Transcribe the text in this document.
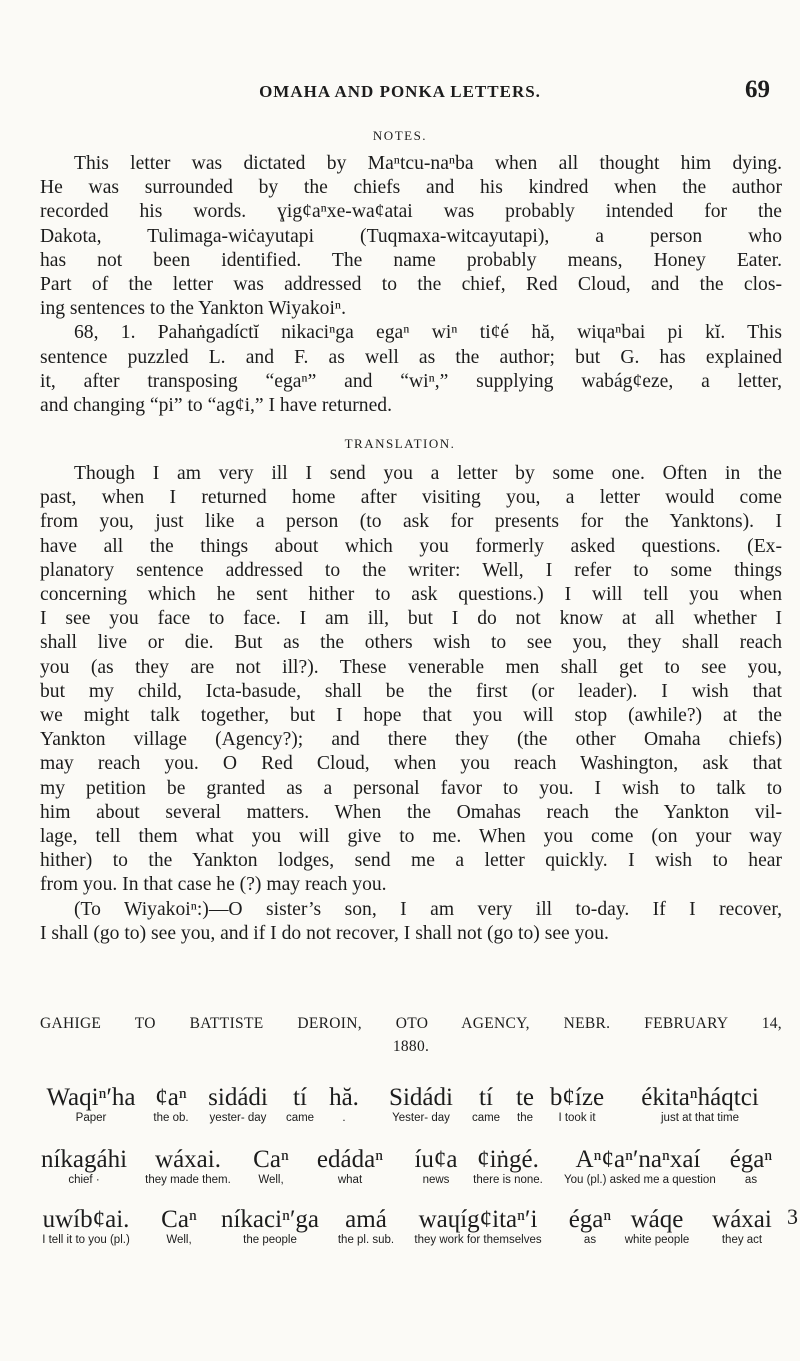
OMAHA AND PONKA LETTERS.	69
NOTES.
This letter was dictated by Maⁿtcu-naⁿba when all thought him dying.
He was surrounded by the chiefs and his kindred when the author
recorded his words. ɣig¢aⁿxe-wa¢atai was probably intended for the
Dakota, Tulimaga-wiċayutapi (Tuqmaxa-witcayutapi), a person who
has not been identified. The name probably means, Honey Eater.
Part of the letter was addressed to the chief, Red Cloud, and the clos-
ing sentences to the Yankton Wiyakoiⁿ.
68, 1. Pahaṅgadíctĭ nikaciⁿga egaⁿ wiⁿ ti¢é hă, wiɥaⁿbai pi kĭ. This
sentence puzzled L. and F. as well as the author; but G. has explained
it, after transposing “egaⁿ” and “wiⁿ,” supplying wabág¢eze, a letter,
and changing “pi” to “ag¢i,” I have returned.
TRANSLATION.
Though I am very ill I send you a letter by some one. Often in the
past, when I returned home after visiting you, a letter would come
from you, just like a person (to ask for presents for the Yanktons). I
have all the things about which you formerly asked questions. (Ex-
planatory sentence addressed to the writer: Well, I refer to some things
concerning which he sent hither to ask questions.) I will tell you when
I see you face to face. I am ill, but I do not know at all whether I
shall live or die. But as the others wish to see you, they shall reach
you (as they are not ill?). These venerable men shall get to see you,
but my child, Icta-basude, shall be the first (or leader). I wish that
we might talk together, but I hope that you will stop (awhile?) at the
Yankton village (Agency?); and there they (the other Omaha chiefs)
may reach you. O Red Cloud, when you reach Washington, ask that
my petition be granted as a personal favor to you. I wish to talk to
him about several matters. When the Omahas reach the Yankton vil-
lage, tell them what you will give to me. When you come (on your way
hither) to the Yankton lodges, send me a letter quickly. I wish to hear
from you. In that case he (?) may reach you.
(To Wiyakoiⁿ:)—O sister’s son, I am very ill to-day. If I recover,
I shall (go to) see you, and if I do not recover, I shall not (go to) see you.
GAHIGE TO BATTISTE DEROIN, OTO AGENCY, NEBR. FEBRUARY 14,
1880.
Waqiⁿ′ha
Paper
¢aⁿ
the ob.
sidádi
yester- day
tí
came
hă.
.
Sidádi
Yester- day
tí
came
te
the
b¢íze
I took it
ékitaⁿháqtci
just at that time
níkagáhi
chief ·
wáxai.
they made them.
Caⁿ
Well,
edádaⁿ
what
íu¢a
news
¢iṅgé.
there is none.
Aⁿ¢aⁿ′naⁿxaí
You (pl.) asked me a question
égaⁿ
as
uwíb¢ai.
I tell it to you (pl.)
Caⁿ
Well,
níkaciⁿ′ga
the people
amá
the pl. sub.
waɥíg¢itaⁿ′i
they work for themselves
égaⁿ
as
wáqe
white people
wáxai
they act
3
